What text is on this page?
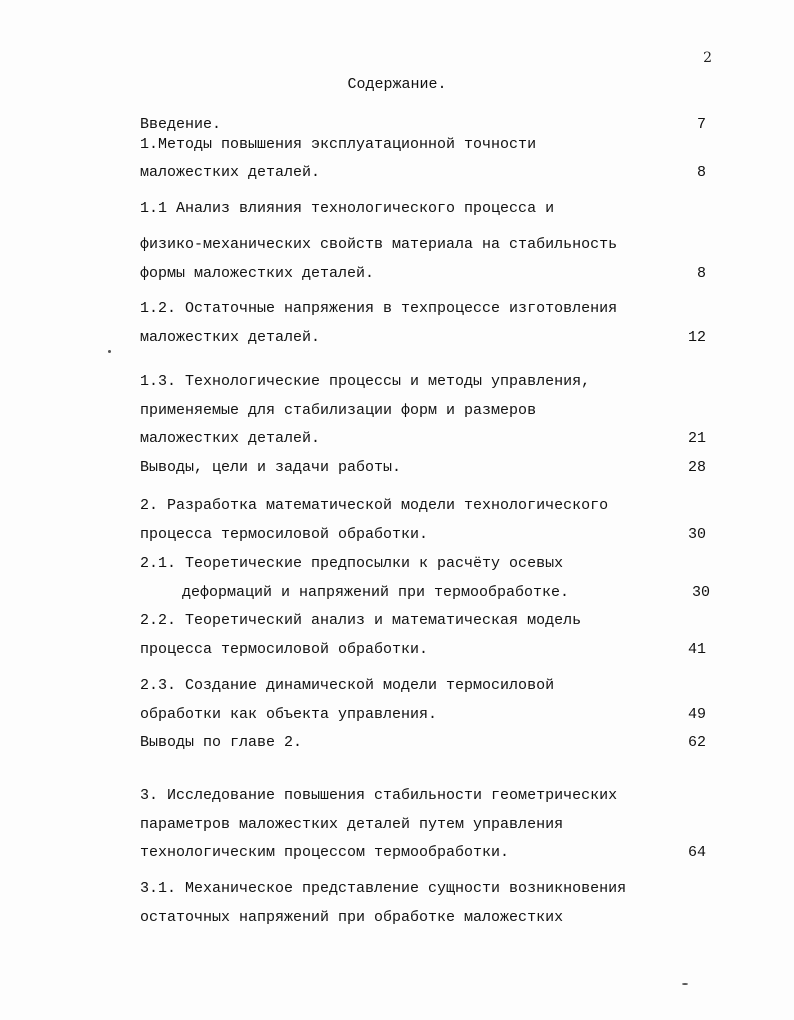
2
Содержание.
Введение.	7
1.Методы повышения эксплуатационной точности
маложестких деталей.	8
1.1 Анализ влияния технологического процесса и
физико-механических свойств материала на стабильность
формы маложестких деталей.	8
1.2. Остаточные напряжения в техпроцессе изготовления
маложестких деталей.	12
1.3. Технологические процессы и методы управления,
применяемые для стабилизации форм и размеров
маложестких деталей.	21
Выводы, цели и задачи работы.	28
2. Разработка математической модели технологического
процесса термосиловой обработки.	30
2.1. Теоретические предпосылки к расчёту осевых
деформаций и напряжений при термообработке.	30
2.2. Теоретический анализ и математическая модель
процесса термосиловой обработки.	41
2.3. Создание динамической модели термосиловой
обработки как объекта управления.	49
Выводы по главе 2.	62
3. Исследование повышения стабильности геометрических
параметров маложестких деталей путем управления
технологическим процессом термообработки.	64
3.1. Механическое представление сущности возникновения
остаточных напряжений при обработке маложестких
